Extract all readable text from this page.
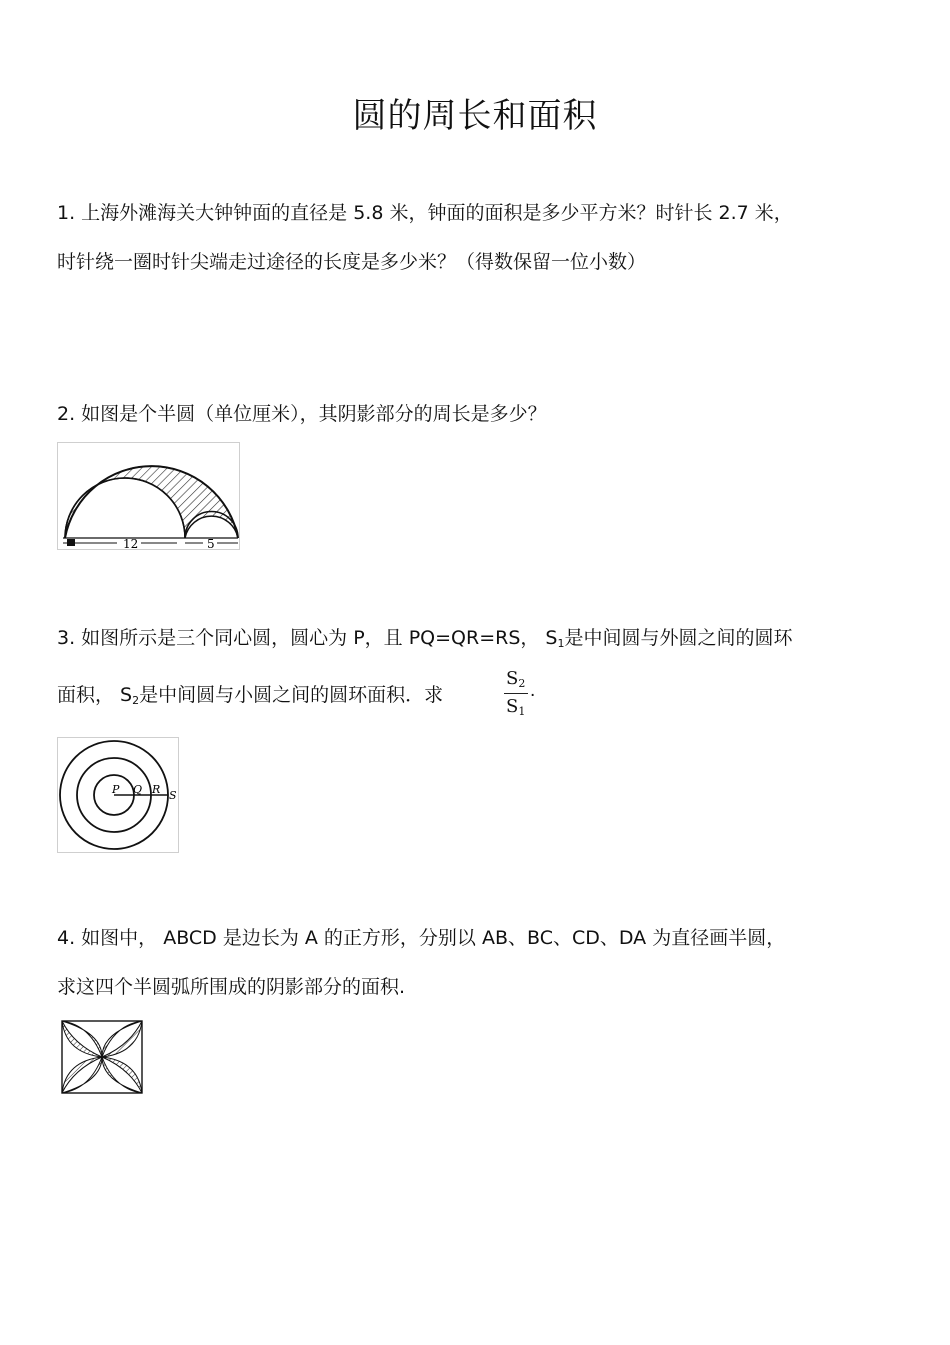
圆的周长和面积
1. 上海外滩海关大钟钟面的直径是 5.8 米，钟面的面积是多少平方米？时针长 2.7 米，
时针绕一圈时针尖端走过途径的长度是多少米？（得数保留一位小数）
2. 如图是个半圆（单位厘米），其阴影部分的周长是多少？
12	5
3. 如图所示是三个同心圆，圆心为 P，且 PQ=QR=RS， $S_1$是中间圆与外圆之间的圆环
面积， $S_2$是中间圆与小圆之间的圆环面积．求
$S_2$
$S_1$
.
P Q R S
4. 如图中， ABCD 是边长为 A 的正方形，分别以 AB、BC、CD、DA 为直径画半圆，
求这四个半圆弧所围成的阴影部分的面积.
